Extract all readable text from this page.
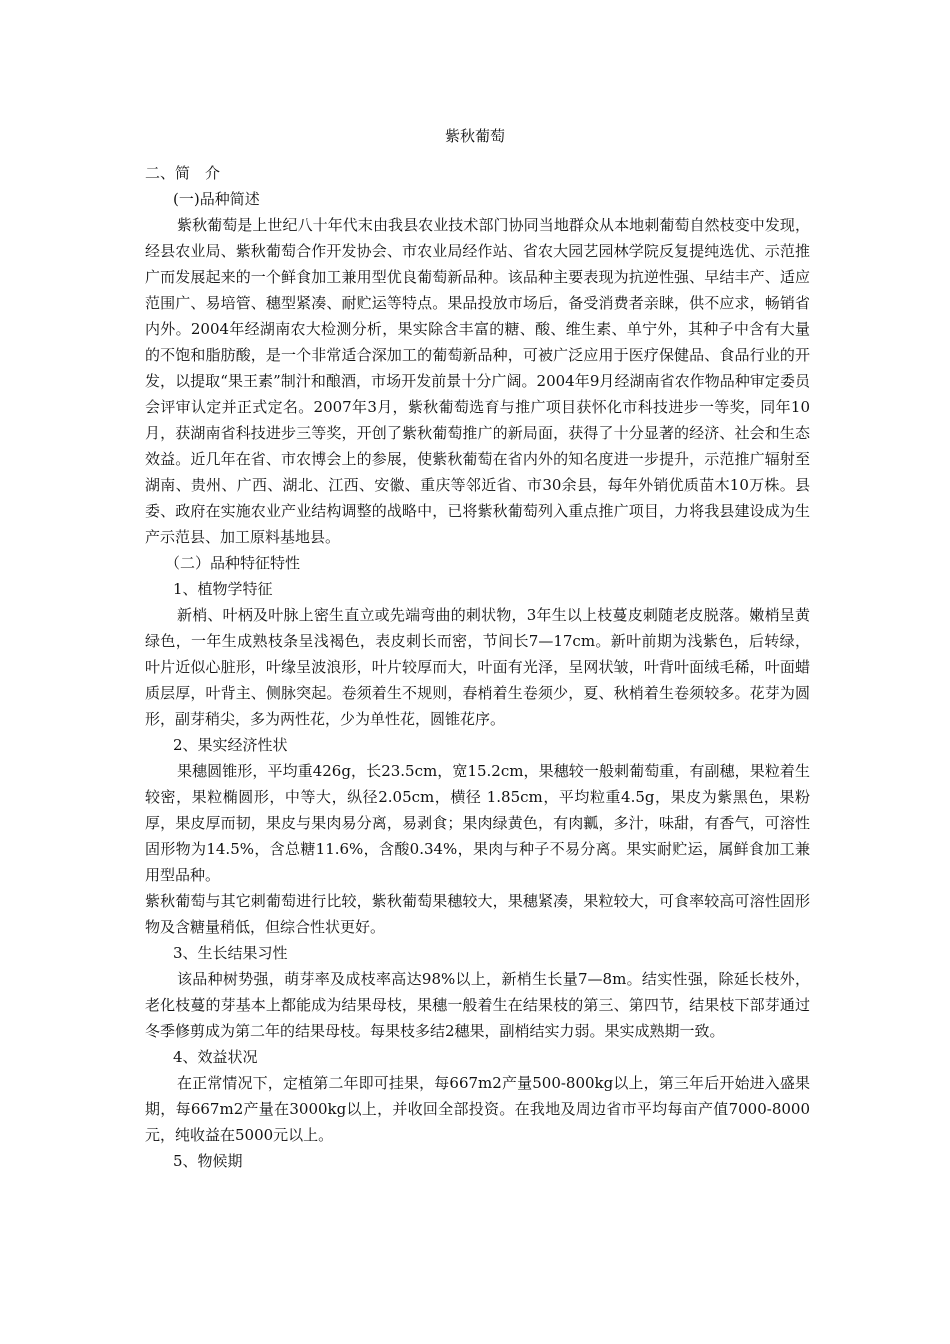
紫秋葡萄

二、简　介

(一)品种简述

紫秋葡萄是上世纪八十年代末由我县农业技术部门协同当地群众从本地刺葡萄自然枝变中发现，经县农业局、紫秋葡萄合作开发协会、市农业局经作站、省农大园艺园林学院反复提纯选优、示范推广而发展起来的一个鲜食加工兼用型优良葡萄新品种。该品种主要表现为抗逆性强、早结丰产、适应范围广、易培管、穗型紧凑、耐贮运等特点。果品投放市场后，备受消费者亲睐，供不应求，畅销省内外。2004年经湖南农大检测分析，果实除含丰富的糖、酸、维生素、单宁外，其种子中含有大量的不饱和脂肪酸，是一个非常适合深加工的葡萄新品种，可被广泛应用于医疗保健品、食品行业的开发，以提取“果王素”制汁和酿酒，市场开发前景十分广阔。2004年9月经湖南省农作物品种审定委员会评审认定并正式定名。2007年3月，紫秋葡萄选育与推广项目获怀化市科技进步一等奖，同年10月，获湖南省科技进步三等奖，开创了紫秋葡萄推广的新局面，获得了十分显著的经济、社会和生态效益。近几年在省、市农博会上的参展，使紫秋葡萄在省内外的知名度进一步提升，示范推广辐射至湖南、贵州、广西、湖北、江西、安徽、重庆等邻近省、市30余县，每年外销优质苗木10万株。县委、政府在实施农业产业结构调整的战略中，已将紫秋葡萄列入重点推广项目，力将我县建设成为生产示范县、加工原料基地县。

（二）品种特征特性

1、植物学特征

新梢、叶柄及叶脉上密生直立或先端弯曲的刺状物，3年生以上枝蔓皮刺随老皮脱落。嫩梢呈黄绿色，一年生成熟枝条呈浅褐色，表皮刺长而密，节间长7—17cm。新叶前期为浅紫色，后转绿，叶片近似心脏形，叶缘呈波浪形，叶片较厚而大，叶面有光泽，呈网状皱，叶背叶面绒毛稀，叶面蜡质层厚，叶背主、侧脉突起。卷须着生不规则，春梢着生卷须少，夏、秋梢着生卷须较多。花芽为圆形，副芽稍尖，多为两性花，少为单性花，圆锥花序。

2、果实经济性状

果穗圆锥形，平均重426g，长23.5cm，宽15.2cm，果穗较一般刺葡萄重，有副穗，果粒着生较密，果粒椭圆形，中等大，纵径2.05cm，横径 1.85cm，平均粒重4.5g，果皮为紫黑色，果粉厚，果皮厚而韧，果皮与果肉易分离，易剥食；果肉绿黄色，有肉瓤，多汁，味甜，有香气，可溶性固形物为14.5%，含总糖11.6%，含酸0.34%，果肉与种子不易分离。果实耐贮运，属鲜食加工兼用型品种。

紫秋葡萄与其它刺葡萄进行比较，紫秋葡萄果穗较大，果穗紧凑，果粒较大，可食率较高可溶性固形物及含糖量稍低，但综合性状更好。

3、生长结果习性

该品种树势强，萌芽率及成枝率高达98%以上，新梢生长量7—8m。结实性强，除延长枝外，老化枝蔓的芽基本上都能成为结果母枝，果穗一般着生在结果枝的第三、第四节，结果枝下部芽通过冬季修剪成为第二年的结果母枝。每果枝多结2穗果，副梢结实力弱。果实成熟期一致。

4、效益状况

在正常情况下，定植第二年即可挂果，每667m2产量500-800kg以上，第三年后开始进入盛果期，每667m2产量在3000kg以上，并收回全部投资。在我地及周边省市平均每亩产值7000-8000元，纯收益在5000元以上。

5、物候期
